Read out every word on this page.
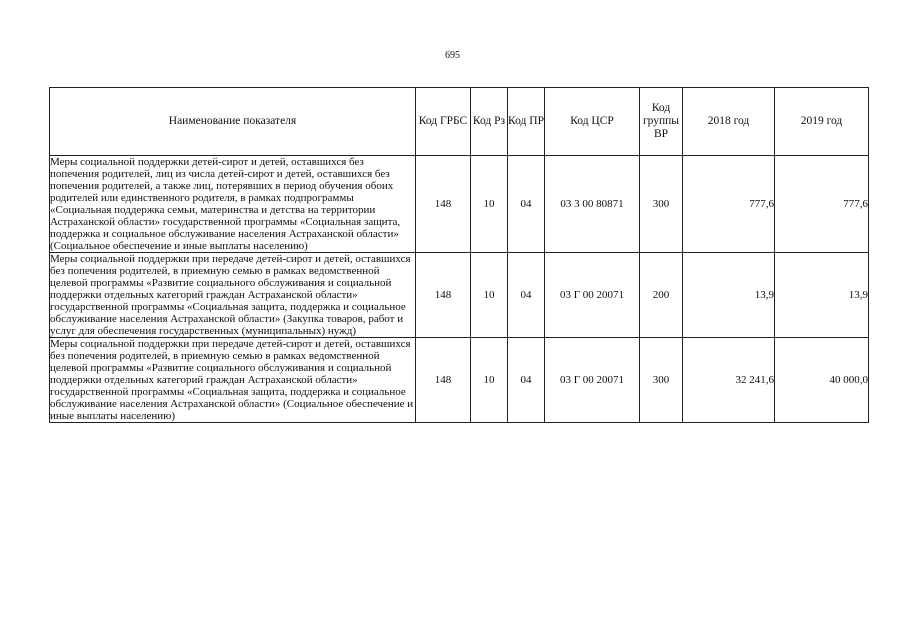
695
Наименование показателя	Код ГРБС	Код Рз	Код ПР	Код ЦСР	Код группы ВР	2018 год	2019 год
Меры социальной поддержки детей-сирот и детей, оставшихся без попечения родителей, лиц из числа детей-сирот и детей, оставшихся без попечения родителей, а также лиц, потерявших в период обучения обоих родителей или единственного родителя, в рамках подпрограммы «Социальная поддержка семьи, материнства и детства на территории Астраханской области» государственной программы «Социальная защита, поддержка и социальное обслуживание населения Астраханской области» (Социальное обеспечение и иные выплаты населению)	148	10	04	03 3 00 80871	300	777,6	777,6
Меры социальной поддержки при передаче детей-сирот и детей, оставшихся без попечения родителей, в приемную семью в рамках ведомственной целевой программы «Развитие социального обслуживания и социальной поддержки отдельных категорий граждан Астраханской области» государственной программы «Социальная защита, поддержка и социальное обслуживание населения Астраханской области» (Закупка товаров, работ и услуг для обеспечения государственных (муниципальных) нужд)	148	10	04	03 Г 00 20071	200	13,9	13,9
Меры социальной поддержки при передаче детей-сирот и детей, оставшихся без попечения родителей, в приемную семью в рамках ведомственной целевой программы «Развитие социального обслуживания и социальной поддержки отдельных категорий граждан Астраханской области» государственной программы «Социальная защита, поддержка и социальное обслуживание населения Астраханской области» (Социальное обеспечение и иные выплаты населению)	148	10	04	03 Г 00 20071	300	32 241,6	40 000,0
